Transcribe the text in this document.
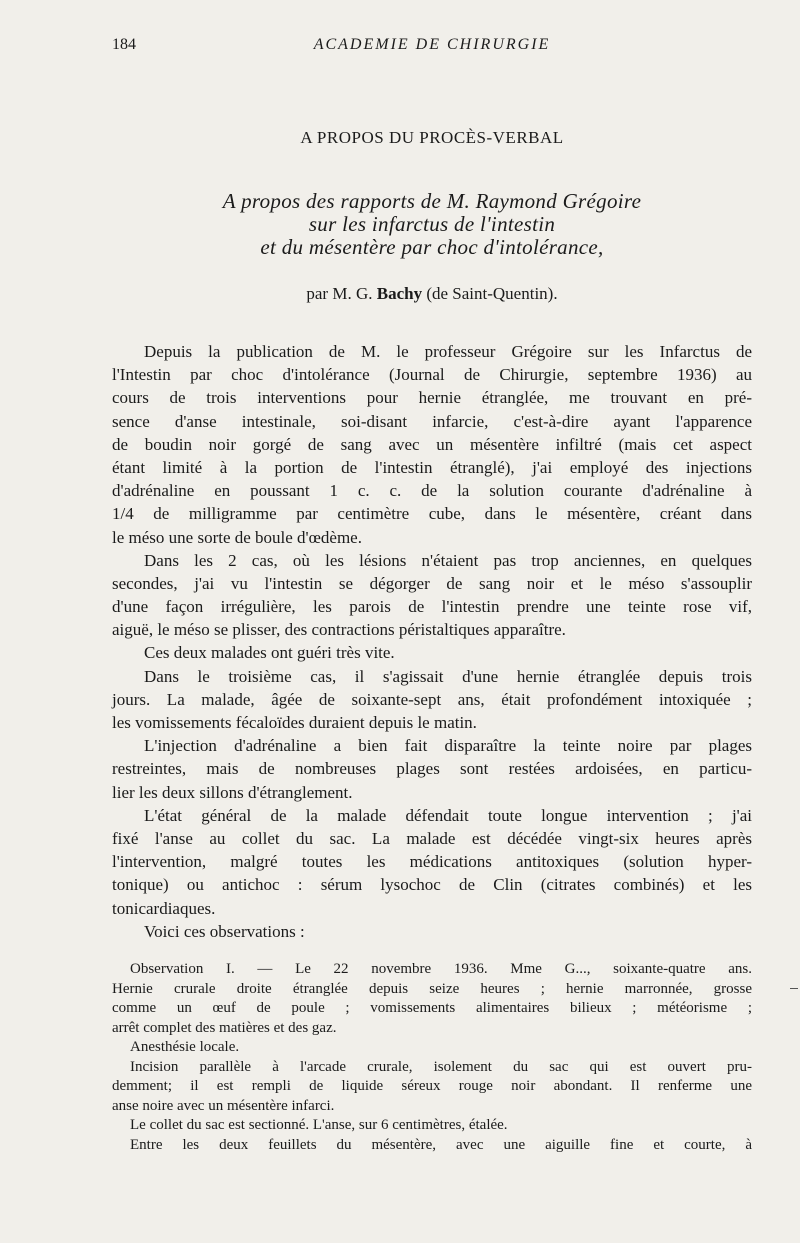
184	ACADEMIE DE CHIRURGIE
A PROPOS DU PROCÈS-VERBAL
A propos des rapports de M. Raymond Grégoire
sur les infarctus de l'intestin
et du mésentère par choc d'intolérance,
par M. G. Bachy (de Saint-Quentin).
Depuis la publication de M. le professeur Grégoire sur les Infarctus de
l'Intestin par choc d'intolérance (Journal de Chirurgie, septembre 1936) au
cours de trois interventions pour hernie étranglée, me trouvant en pré-
sence d'anse intestinale, soi-disant infarcie, c'est-à-dire ayant l'apparence
de boudin noir gorgé de sang avec un mésentère infiltré (mais cet aspect
étant limité à la portion de l'intestin étranglé), j'ai employé des injections
d'adrénaline en poussant 1 c. c. de la solution courante d'adrénaline à
1/4 de milligramme par centimètre cube, dans le mésentère, créant dans
le méso une sorte de boule d'œdème.
Dans les 2 cas, où les lésions n'étaient pas trop anciennes, en quelques
secondes, j'ai vu l'intestin se dégorger de sang noir et le méso s'assouplir
d'une façon irrégulière, les parois de l'intestin prendre une teinte rose vif,
aiguë, le méso se plisser, des contractions péristaltiques apparaître.
Ces deux malades ont guéri très vite.
Dans le troisième cas, il s'agissait d'une hernie étranglée depuis trois
jours. La malade, âgée de soixante-sept ans, était profondément intoxiquée ;
les vomissements fécaloïdes duraient depuis le matin.
L'injection d'adrénaline a bien fait disparaître la teinte noire par plages
restreintes, mais de nombreuses plages sont restées ardoisées, en particu-
lier les deux sillons d'étranglement.
L'état général de la malade défendait toute longue intervention ; j'ai
fixé l'anse au collet du sac. La malade est décédée vingt-six heures après
l'intervention, malgré toutes les médications antitoxiques (solution hyper-
tonique) ou antichoc : sérum lysochoc de Clin (citrates combinés) et les
tonicardiaques.
Voici ces observations :
Observation I. — Le 22 novembre 1936. Mme G..., soixante-quatre ans.
Hernie crurale droite étranglée depuis seize heures ; hernie marronnée, grosse
comme un œuf de poule ; vomissements alimentaires bilieux ; météorisme ;
arrêt complet des matières et des gaz.
Anesthésie locale.
Incision parallèle à l'arcade crurale, isolement du sac qui est ouvert pru-
demment; il est rempli de liquide séreux rouge noir abondant. Il renferme une
anse noire avec un mésentère infarci.
Le collet du sac est sectionné. L'anse, sur 6 centimètres, étalée.
Entre les deux feuillets du mésentère, avec une aiguille fine et courte, à
